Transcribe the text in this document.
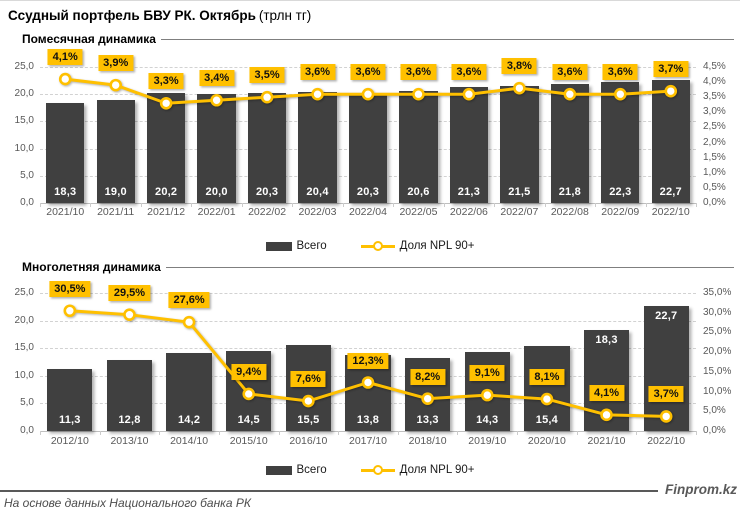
Ссудный портфель БВУ РК. Октябрь (трлн тг)
Помесячная динамика
25,0
20,0
15,0
10,0
5,0
0,0
4,5%
4,0%
3,5%
3,0%
2,5%
2,0%
1,5%
1,0%
0,5%
0,0%
18,3
2021/10
19,0
2021/11
20,2
2021/12
20,0
2022/01
20,3
2022/02
20,4
2022/03
20,3
2022/04
20,6
2022/05
21,3
2022/06
21,5
2022/07
21,8
2022/08
22,3
2022/09
22,7
2022/10
4,1%
3,9%
3,3%	3,4%	3,5%	3,6%	3,6%	3,6%	3,6%
3,8%
3,6%	3,6%	3,7%
Всего	Доля NPL 90+
Многолетняя динамика
25,0
20,0
15,0
10,0
5,0
0,0
35,0%
30,0%
25,0%
20,0%
15,0%
10,0%
5,0%
0,0%
11,3
2012/10
12,8
2013/10
14,2
2014/10
14,5
2015/10
15,5
2016/10
13,8
2017/10
13,3
2018/10
14,3
2019/10
15,4
2020/10
18,3
2021/10
22,7
2022/10
30,5%	29,5%
27,6%
9,4%
7,6%
12,3%
8,2%	9,1%	8,1%
4,1%	3,7%
Всего	Доля NPL 90+
Finprom.kz
На основе данных Национального банка РК
